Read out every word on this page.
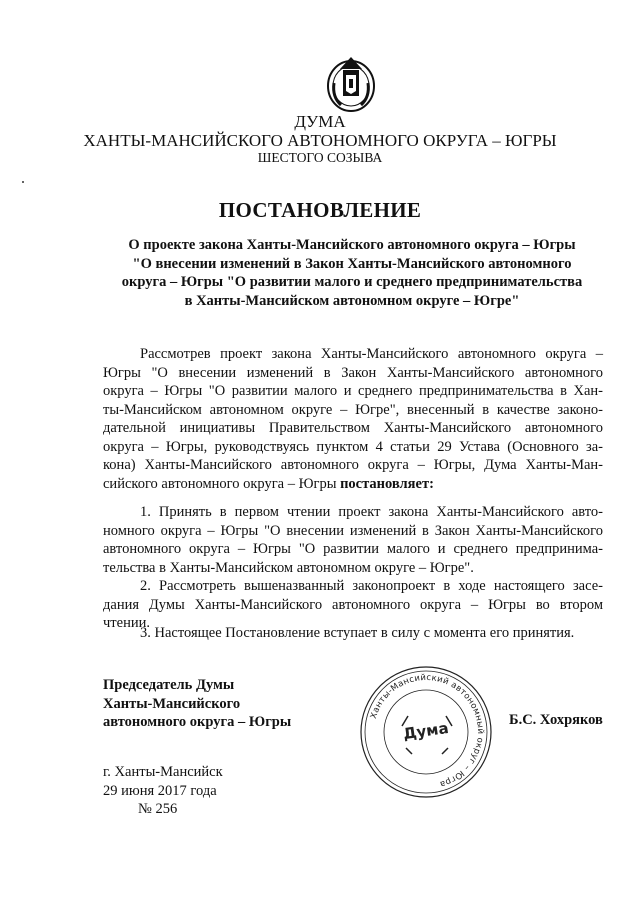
ДУМА
ХАНТЫ-МАНСИЙСКОГО АВТОНОМНОГО ОКРУГА – ЮГРЫ
ШЕСТОГО СОЗЫВА
ПОСТАНОВЛЕНИЕ
О проекте закона Ханты-Мансийского автономного округа – Югры
"О внесении изменений в Закон Ханты-Мансийского автономного
округа – Югры "О развитии малого и среднего предпринимательства
в Ханты-Мансийском автономном округе – Югре"
Рассмотрев проект закона Ханты-Мансийского автономного округа –
Югры "О внесении изменений в Закон Ханты-Мансийского автономного
округа – Югры "О развитии малого и среднего предпринимательства в Хан-
ты-Мансийском автономном округе – Югре", внесенный в качестве законо-
дательной инициативы Правительством Ханты-Мансийского автономного
округа – Югры, руководствуясь пунктом 4 статьи 29 Устава (Основного за-
кона) Ханты-Мансийского автономного округа – Югры, Дума Ханты-Ман-
сийского автономного округа – Югры постановляет:
1. Принять в первом чтении проект закона Ханты-Мансийского авто-
номного округа – Югры "О внесении изменений в Закон Ханты-Мансийского
автономного округа – Югры "О развитии малого и среднего предпринима-
тельства в Ханты-Мансийском автономном округе – Югре".
2. Рассмотреть вышеназванный законопроект в ходе настоящего засе-
дания Думы Ханты-Мансийского автономного округа – Югры во втором
чтении.
3. Настоящее Постановление вступает в силу с момента его принятия.
Председатель Думы
Ханты-Мансийского
автономного округа – Югры	Ханты-Мансийский автономный округ – Югра
Дума	Б.С. Хохряков
г. Ханты-Мансийск
29 июня 2017 года
№ 256
